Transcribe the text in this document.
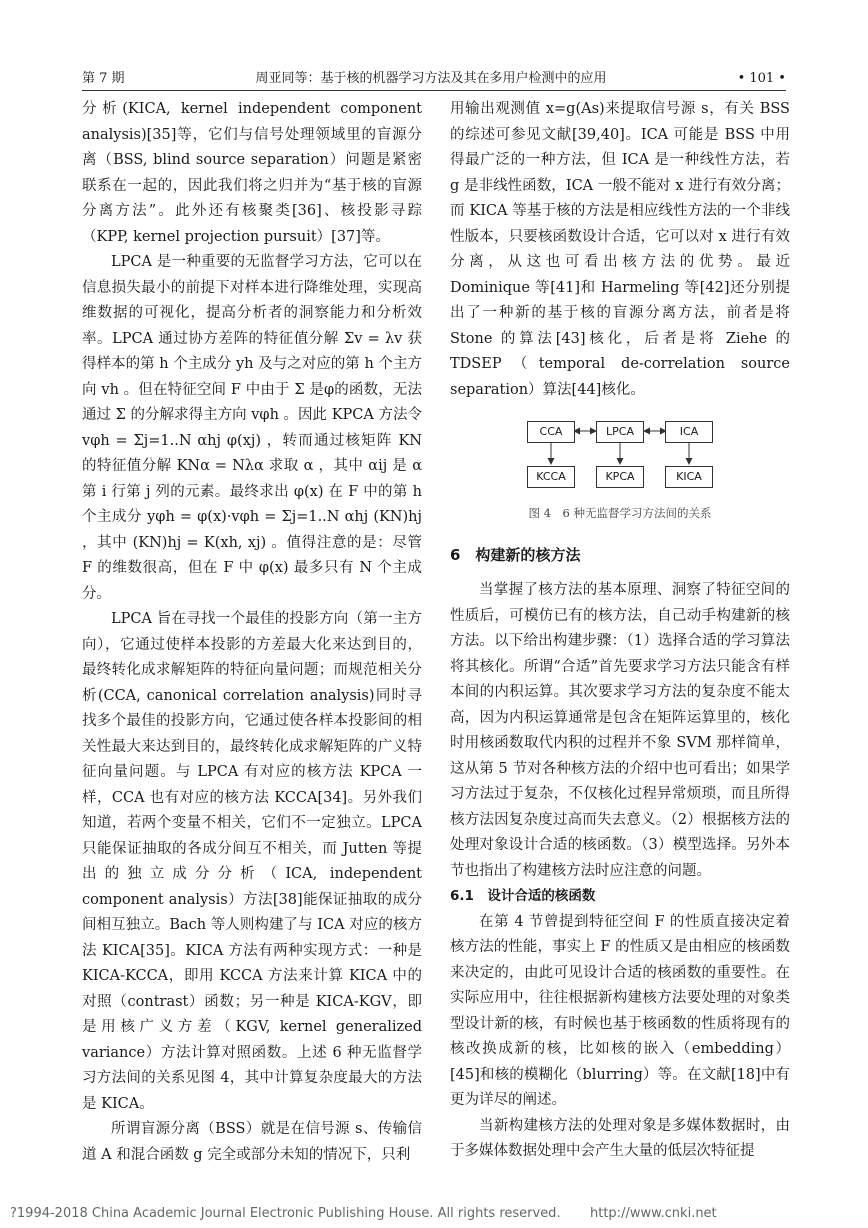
第 7 期	周亚同等：基于核的机器学习方法及其在多用户检测中的应用	• 101 •

分析(KICA, kernel independent component analysis)[35]等，它们与信号处理领域里的盲源分离（BSS, blind source separation）问题是紧密联系在一起的，因此我们将之归并为“基于核的盲源分离方法”。此外还有核聚类[36]、核投影寻踪（KPP, kernel projection pursuit）[37]等。

LPCA 是一种重要的无监督学习方法，它可以在信息损失最小的前提下对样本进行降维处理，实现高维数据的可视化，提高分析者的洞察能力和分析效率。LPCA 通过协方差阵的特征值分解 Σv = λv 获得样本的第 h 个主成分 yh 及与之对应的第 h 个主方向 vh 。但在特征空间 F 中由于 Σ 是φ的函数，无法通过 Σ 的分解求得主方向 vφh 。因此 KPCA 方法令 vφh = Σj=1..N αhj φ(xj) ，转而通过核矩阵 KN 的特征值分解 KNα = Nλα 求取 α ，其中 αij 是 α 第 i 行第 j 列的元素。最终求出 φ(x) 在 F 中的第 h 个主成分 yφh = φ(x)·vφh = Σj=1..N αhj (KN)hj ，其中 (KN)hj = K(xh, xj) 。值得注意的是：尽管 F 的维数很高，但在 F 中 φ(x) 最多只有 N 个主成分。

LPCA 旨在寻找一个最佳的投影方向（第一主方向），它通过使样本投影的方差最大化来达到目的，最终转化成求解矩阵的特征向量问题；而规范相关分析(CCA, canonical correlation analysis)同时寻找多个最佳的投影方向，它通过使各样本投影间的相关性最大来达到目的，最终转化成求解矩阵的广义特征向量问题。与 LPCA 有对应的核方法 KPCA 一样，CCA 也有对应的核方法 KCCA[34]。另外我们知道，若两个变量不相关，它们不一定独立。LPCA 只能保证抽取的各成分间互不相关，而 Jutten 等提出的独立成分分析（ICA, independent component analysis）方法[38]能保证抽取的成分间相互独立。Bach 等人则构建了与 ICA 对应的核方法 KICA[35]。KICA 方法有两种实现方式：一种是 KICA-KCCA，即用 KCCA 方法来计算 KICA 中的对照（contrast）函数；另一种是 KICA-KGV，即是用核广义方差（KGV, kernel generalized variance）方法计算对照函数。上述 6 种无监督学习方法间的关系见图 4，其中计算复杂度最大的方法是 KICA。

所谓盲源分离（BSS）就是在信号源 s、传输信道 A 和混合函数 g 完全或部分未知的情况下，只利

用输出观测值 x=g(As)来提取信号源 s，有关 BSS 的综述可参见文献[39,40]。ICA 可能是 BSS 中用得最广泛的一种方法，但 ICA 是一种线性方法，若 g 是非线性函数，ICA 一般不能对 x 进行有效分离；而 KICA 等基于核的方法是相应线性方法的一个非线性版本，只要核函数设计合适，它可以对 x 进行有效分离，从这也可看出核方法的优势。最近 Dominique 等[41]和 Harmeling 等[42]还分别提出了一种新的基于核的盲源分离方法，前者是将 Stone 的算法[43]核化，后者是将 Ziehe 的 TDSEP（temporal de-correlation source separation）算法[44]核化。

CCA	LPCA	ICA
KCCA	KPCA	KICA
图 4　6 种无监督学习方法间的关系
6　构建新的核方法

当掌握了核方法的基本原理、洞察了特征空间的性质后，可模仿已有的核方法，自己动手构建新的核方法。以下给出构建步骤：（1）选择合适的学习算法将其核化。所谓“合适”首先要求学习方法只能含有样本间的内积运算。其次要求学习方法的复杂度不能太高，因为内积运算通常是包含在矩阵运算里的，核化时用核函数取代内积的过程并不象 SVM 那样简单，这从第 5 节对各种核方法的介绍中也可看出；如果学习方法过于复杂，不仅核化过程异常烦琐，而且所得核方法因复杂度过高而失去意义。（2）根据核方法的处理对象设计合适的核函数。（3）模型选择。另外本节也指出了构建核方法时应注意的问题。

6.1　设计合适的核函数

在第 4 节曾提到特征空间 F 的性质直接决定着核方法的性能，事实上 F 的性质又是由相应的核函数来决定的，由此可见设计合适的核函数的重要性。在实际应用中，往往根据新构建核方法要处理的对象类型设计新的核，有时候也基于核函数的性质将现有的核改换成新的核，比如核的嵌入（embedding）[45]和核的模糊化（blurring）等。在文献[18]中有更为详尽的阐述。

当新构建核方法的处理对象是多媒体数据时，由于多媒体数据处理中会产生大量的低层次特征提

?1994-2018 China Academic Journal Electronic Publishing House. All rights reserved. http://www.cnki.net
